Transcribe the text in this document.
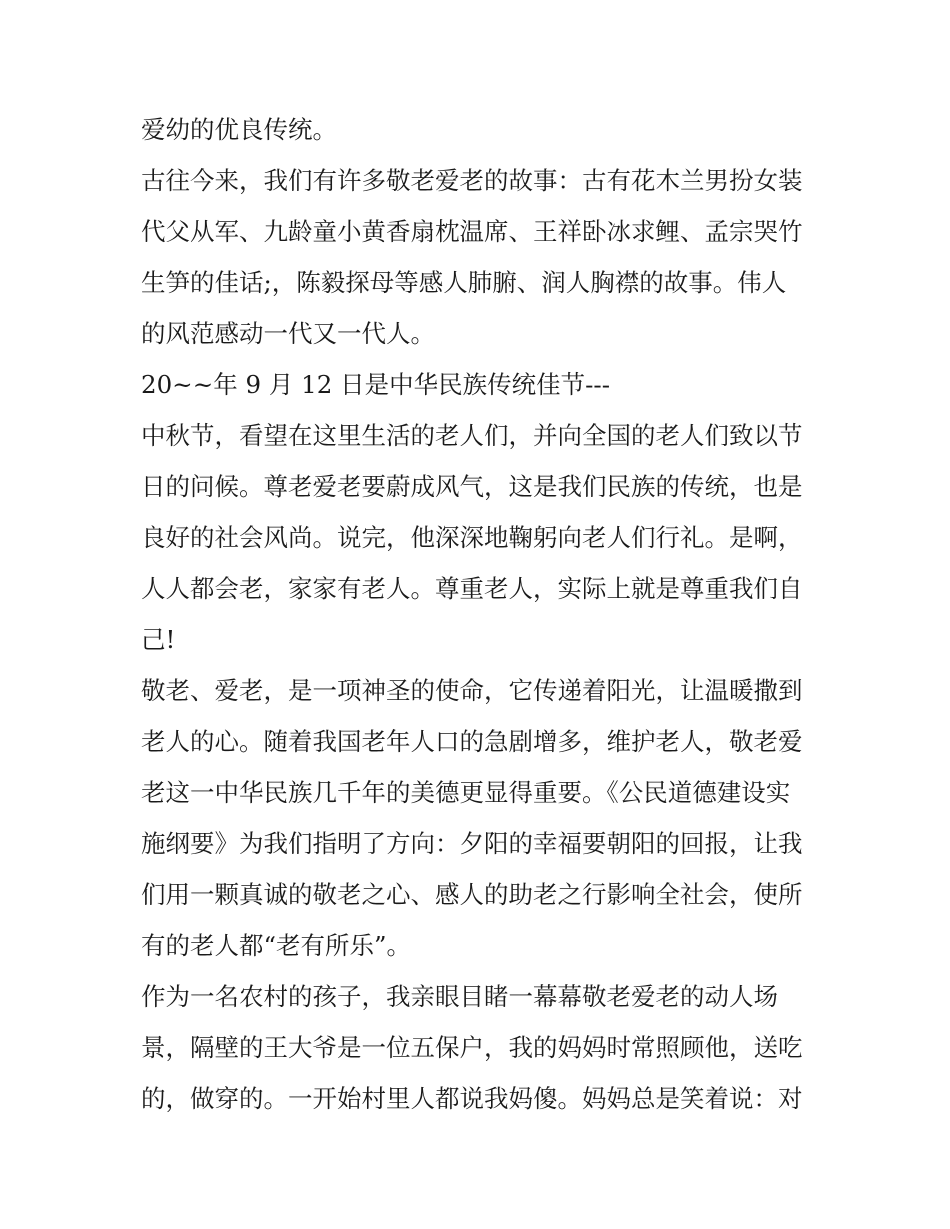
爱幼的优良传统。
古往今来，我们有许多敬老爱老的故事：古有花木兰男扮女装
代父从军、九龄童小黄香扇枕温席、王祥卧冰求鲤、孟宗哭竹
生笋的佳话;，陈毅探母等感人肺腑、润人胸襟的故事。伟人
的风范感动一代又一代人。
20~~年 9 月 12 日是中华民族传统佳节---
中秋节，看望在这里生活的老人们，并向全国的老人们致以节
日的问候。尊老爱老要蔚成风气，这是我们民族的传统，也是
良好的社会风尚。说完，他深深地鞠躬向老人们行礼。是啊，
人人都会老，家家有老人。尊重老人，实际上就是尊重我们自
己!
敬老、爱老，是一项神圣的使命，它传递着阳光，让温暖撒到
老人的心。随着我国老年人口的急剧增多，维护老人，敬老爱
老这一中华民族几千年的美德更显得重要。《公民道德建设实
施纲要》为我们指明了方向：夕阳的幸福要朝阳的回报，让我
们用一颗真诚的敬老之心、感人的助老之行影响全社会，使所
有的老人都“老有所乐”。
作为一名农村的孩子，我亲眼目睹一幕幕敬老爱老的动人场
景，隔壁的王大爷是一位五保户，我的妈妈时常照顾他，送吃
的，做穿的。一开始村里人都说我妈傻。妈妈总是笑着说：对
